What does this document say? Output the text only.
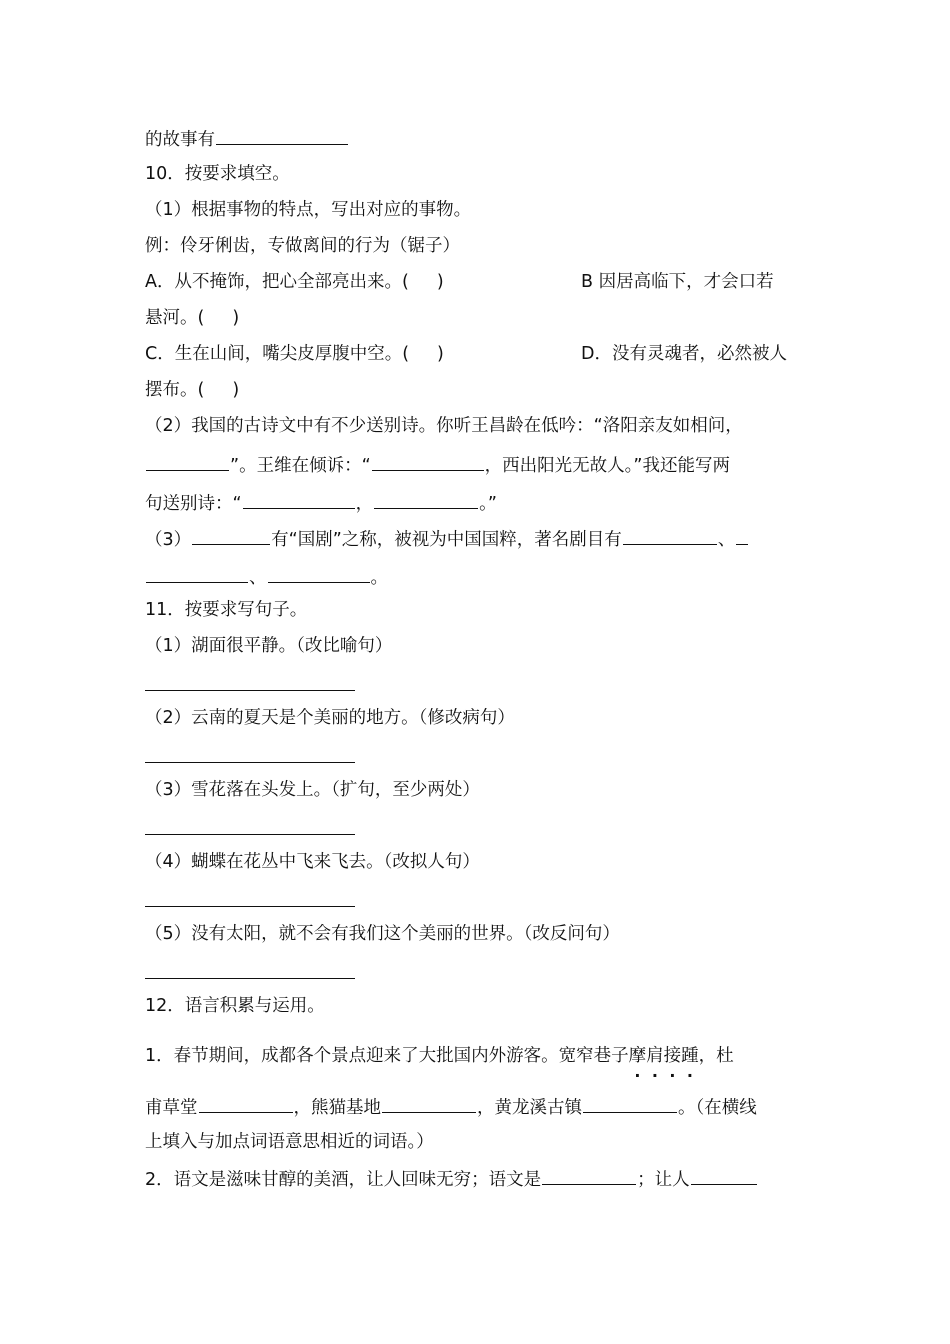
的故事有
10．按要求填空。
（1）根据事物的特点，写出对应的事物。
例：伶牙俐齿，专做离间的行为（锯子）
A．从不掩饰，把心全部亮出来。( )	B 因居高临下，才会口若
悬河。( )
C．生在山间，嘴尖皮厚腹中空。( )	D．没有灵魂者，必然被人
摆布。( )
（2）我国的古诗文中有不少送别诗。你听王昌龄在低吟：“洛阳亲友如相问，
”。王维在倾诉：“	，西出阳光无故人。”我还能写两
句送别诗：“	，	。”
（3）	有“国剧”之称，被视为中国国粹，著名剧目有	、
、	。
11．按要求写句子。
（1）湖面很平静。（改比喻句）
（2）云南的夏天是个美丽的地方。（修改病句）
（3）雪花落在头发上。（扩句，至少两处）
（4）蝴蝶在花丛中飞来飞去。（改拟人句）
（5）没有太阳，就不会有我们这个美丽的世界。（改反问句）
12．语言积累与运用。
1．春节期间，成都各个景点迎来了大批国内外游客。宽窄巷子摩肩接踵，杜
甫草堂	，熊猫基地	，黄龙溪古镇	。（在横线
上填入与加点词语意思相近的词语。）
2．语文是滋味甘醇的美酒，让人回味无穷；语文是	；让人
